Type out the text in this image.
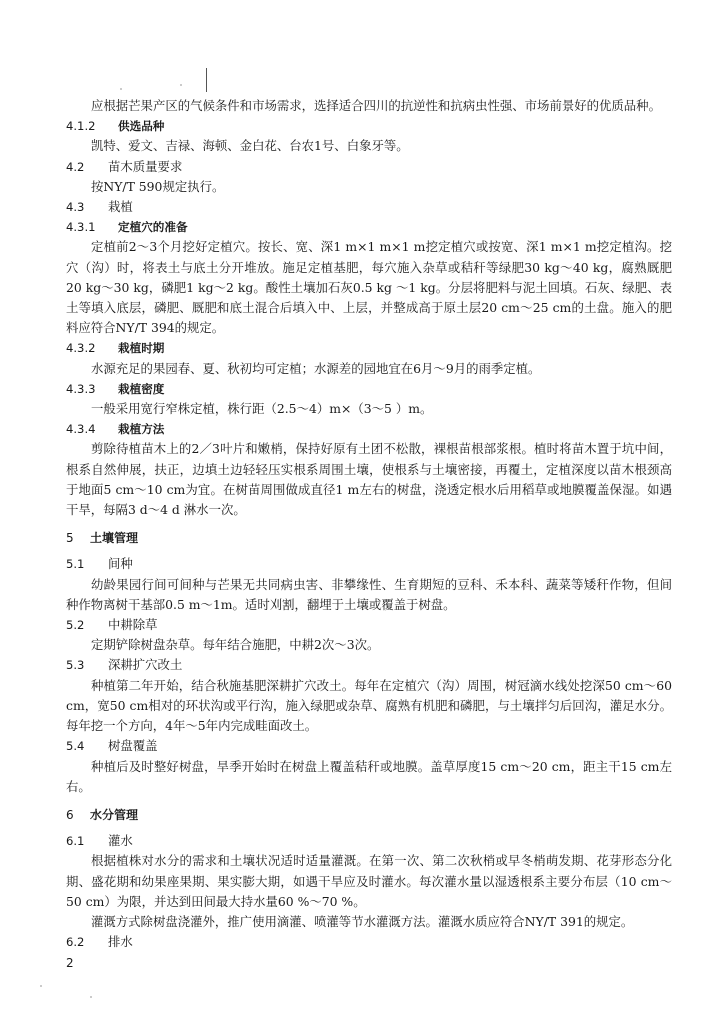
应根据芒果产区的气候条件和市场需求，选择适合四川的抗逆性和抗病虫性强、市场前景好的优质品种。
4.1.2 供选品种
凯特、爱文、吉禄、海顿、金白花、台农1号、白象牙等。
4.2 苗木质量要求
按NY/T 590规定执行。
4.3 栽植
4.3.1 定植穴的准备
定植前2～3个月挖好定植穴。按长、宽、深1 m×1 m×1 m挖定植穴或按宽、深1 m×1 m挖定植沟。挖穴（沟）时，将表土与底土分开堆放。施足定植基肥，每穴施入杂草或秸秆等绿肥30 kg～40 kg，腐熟厩肥20 kg～30 kg，磷肥1 kg～2 kg。酸性土壤加石灰0.5 kg ～1 kg。分层将肥料与泥土回填。石灰、绿肥、表土等填入底层，磷肥、厩肥和底土混合后填入中、上层，并整成高于原土层20 cm～25 cm的土盘。施入的肥料应符合NY/T 394的规定。
4.3.2 栽植时期
水源充足的果园春、夏、秋初均可定植；水源差的园地宜在6月～9月的雨季定植。
4.3.3 栽植密度
一般采用宽行窄株定植，株行距（2.5～4）m×（3～5 ）m。
4.3.4 栽植方法
剪除待植苗木上的2／3叶片和嫩梢，保持好原有土团不松散，裸根苗根部浆根。植时将苗木置于坑中间，根系自然伸展，扶正，边填土边轻轻压实根系周围土壤，使根系与土壤密接，再覆土，定植深度以苗木根颈高于地面5 cm～10 cm为宜。在树苗周围做成直径1 m左右的树盘，浇透定根水后用稻草或地膜覆盖保湿。如遇干旱，每隔3 d～4 d 淋水一次。
5 土壤管理
5.1 间种
幼龄果园行间可间种与芒果无共同病虫害、非攀缘性、生育期短的豆科、禾本科、蔬菜等矮秆作物，但间种作物离树干基部0.5 m～1m。适时刈割，翻埋于土壤或覆盖于树盘。
5.2 中耕除草
定期铲除树盘杂草。每年结合施肥，中耕2次～3次。
5.3 深耕扩穴改土
种植第二年开始，结合秋施基肥深耕扩穴改土。每年在定植穴（沟）周围，树冠滴水线处挖深50 cm～60 cm，宽50 cm相对的环状沟或平行沟，施入绿肥或杂草、腐熟有机肥和磷肥，与土壤拌匀后回沟，灌足水分。每年挖一个方向，4年～5年内完成畦面改土。
5.4 树盘覆盖
种植后及时整好树盘，旱季开始时在树盘上覆盖秸秆或地膜。盖草厚度15 cm～20 cm，距主干15 cm左右。
6 水分管理
6.1 灌水
根据植株对水分的需求和土壤状况适时适量灌溉。在第一次、第二次秋梢或早冬梢萌发期、花芽形态分化期、盛花期和幼果座果期、果实膨大期，如遇干旱应及时灌水。每次灌水量以湿透根系主要分布层（10 cm～50 cm）为限，并达到田间最大持水量60 %～70 %。
灌溉方式除树盘浇灌外，推广使用滴灌、喷灌等节水灌溉方法。灌溉水质应符合NY/T 391的规定。
6.2 排水
2
